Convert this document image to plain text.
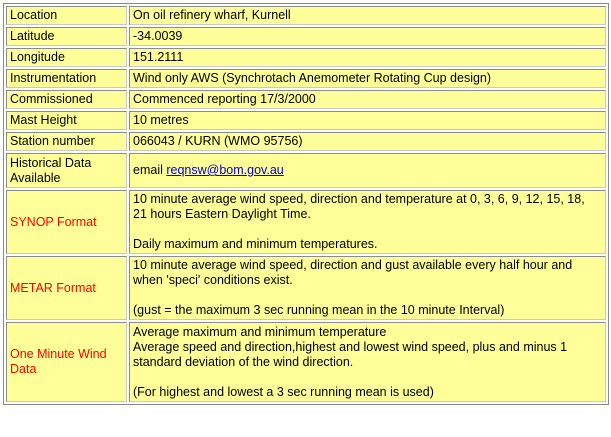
Location	On oil refinery wharf, Kurnell
Latitude	-34.0039
Longitude	151.2111
Instrumentation	Wind only AWS (Synchrotach Anemometer Rotating Cup design)
Commissioned	Commenced reporting 17/3/2000
Mast Height	10 metres
Station number	066043 / KURN (WMO 95756)
Historical Data Available	email reqnsw@bom.gov.au
SYNOP Format	10 minute average wind speed, direction and temperature at 0, 3, 6, 9, 12, 15, 18, 21 hours Eastern Daylight Time.
Daily maximum and minimum temperatures.

METAR Format	10 minute average wind speed, direction and gust available every half hour and when 'speci' conditions exist.
(gust = the maximum 3 sec running mean in the 10 minute Interval)

One Minute Wind Data	Average maximum and minimum temperature
Average speed and direction,highest and lowest wind speed, plus and minus 1 standard deviation of the wind direction.
(For highest and lowest a 3 sec running mean is used)
